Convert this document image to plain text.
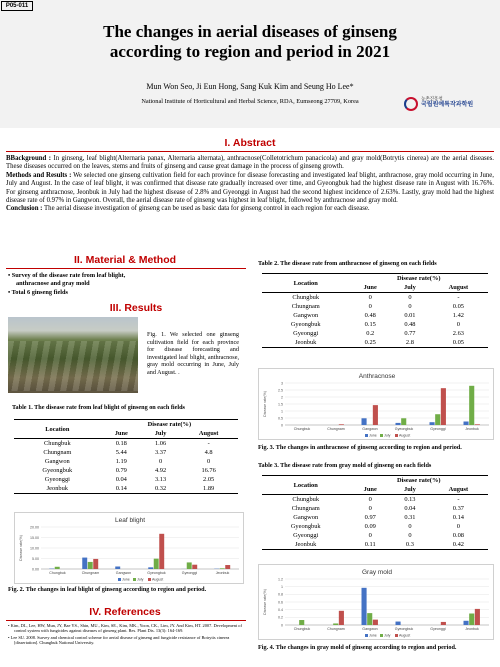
P05-011
The changes in aerial diseases of ginseng
according to region and period in 2021
Mun Won Seo, Ji Eun Hong, Sang Kuk Kim and Seung Ho Lee*
National Institute of Horticultural and Herbal Science, RDA, Eumseong 27709, Korea	농촌진흥청
국립원예특작과학원
I. Abstract
BBackground : In ginseng, leaf blight(Alternaria panax, Alternaria alternata), anthracnose(Colletotrichum panacicola) and gray mold(Botrytis cinerea) are the aerial diseases. These diseases occurred on the leaves, stems and fruits of ginseng and cause great damage in the process of ginseng growth.
Methods and Results : We selected one ginseng cultivation field for each province for disease forecasting and investigated leaf blight, anthracnose, gray mold occurring in June, July and August. In the case of leaf blight, it was confirmed that disease rate gradually increased over time, and Gyeongbuk had the highest disease rate in August with 16.76%. For ginseng anthracnose, Jeonbuk in July had the highest disease of 2.8% and Gyeonggi in August had the second highest incidence of 2.63%. Lastly, gray mold had the highest disease rate of 0.97% in Gangwon. Overall, the aerial disease rate of ginseng was highest in leaf blight, followed by anthracnose and gray mold.
Conclusion : The aerial disease investigation of ginseng can be used as basic data for ginseng control in each region for each disease.
II. Material & Method
• Survey of the disease rate from leaf blight, anthracnose and gray mold
• Total 6 ginseng fields
III. Results
Fig. 1. We selected one ginseng cultivation field for each province for disease forecasting and investigated leaf blight, anthracnose, gray mold occurring in June, July and August. .
Table 1. The disease rate from leaf blight of ginseng on each fields
Location	Disease rate(%)		
	June	July	August
Chungbuk	0.18	1.06	-
Chungnam	5.44	3.37	4.8
Gangwon	1.19	0	0
Gyeongbuk	0.79	4.92	16.76
Gyeonggi	0.04	3.13	2.05
Jeonbuk	0.14	0.32	1.89
Leaf blight
Disease rate(%)
0.00
5.00
10.00
15.00
20.00
Chungbuk	Chungnam	Gangwon	Gyeongbuk	Gyeonggi	Jeonbuk
June July August
Fig. 2. The changes in leaf blight of ginseng according to region and period.
IV. References
• Kim, DL, Lee, HW, Mun, JY, Bae YS., Shin, MU., Kim, SE., Kim, MK., Yoon, CK., Lim, JY. And Kim, HT. 2007. Development of control system with fungicides against diseases of ginseng plant. Res. Plant Dis. 13(3): 164-169.
• Lee SU. 2008. Survey and chemical control scheme for aerial disease of ginseng and fungicide resistance of Botrytis cinerea [dissertation]. Chungbuk National University.
Table 2. The disease rate from anthracnose of ginseng on each fields
Location	Disease rate(%)		
	June	July	August
Chungbuk	0	0	-
Chungnam	0	0	0.05
Gangwon	0.48	0.01	1.42
Gyeongbuk	0.15	0.48	0
Gyeonggi	0.2	0.77	2.63
Jeonbuk	0.25	2.8	0.05
Anthracnose
Disease rate(%)
0
0.5
1
1.5
2
2.5
3
Chungbuk	Chungnam	Gangwon	Gyeongbuk	Gyeonggi	Jeonbuk
June July August
Fig. 3. The changes in anthracnose of ginseng according to region and period.
Table 3. The disease rate from gray mold of ginseng on each fields
Location	Disease rate(%)		
	June	July	August
Chungbuk	0	0.13	-
Chungnam	0	0.04	0.37
Gangwon	0.97	0.31	0.14
Gyeongbuk	0.09	0	0
Gyeonggi	0	0	0.08
Jeonbuk	0.11	0.3	0.42
Gray mold
Disease rate(%)
0
0.2
0.4
0.6
0.8
1
1.2
Chungbuk	Chungnam	Gangwon	Gyeongbuk	Gyeonggi	Jeonbuk
June July August
Fig. 4. The changes in gray mold of ginseng according to region and period.
